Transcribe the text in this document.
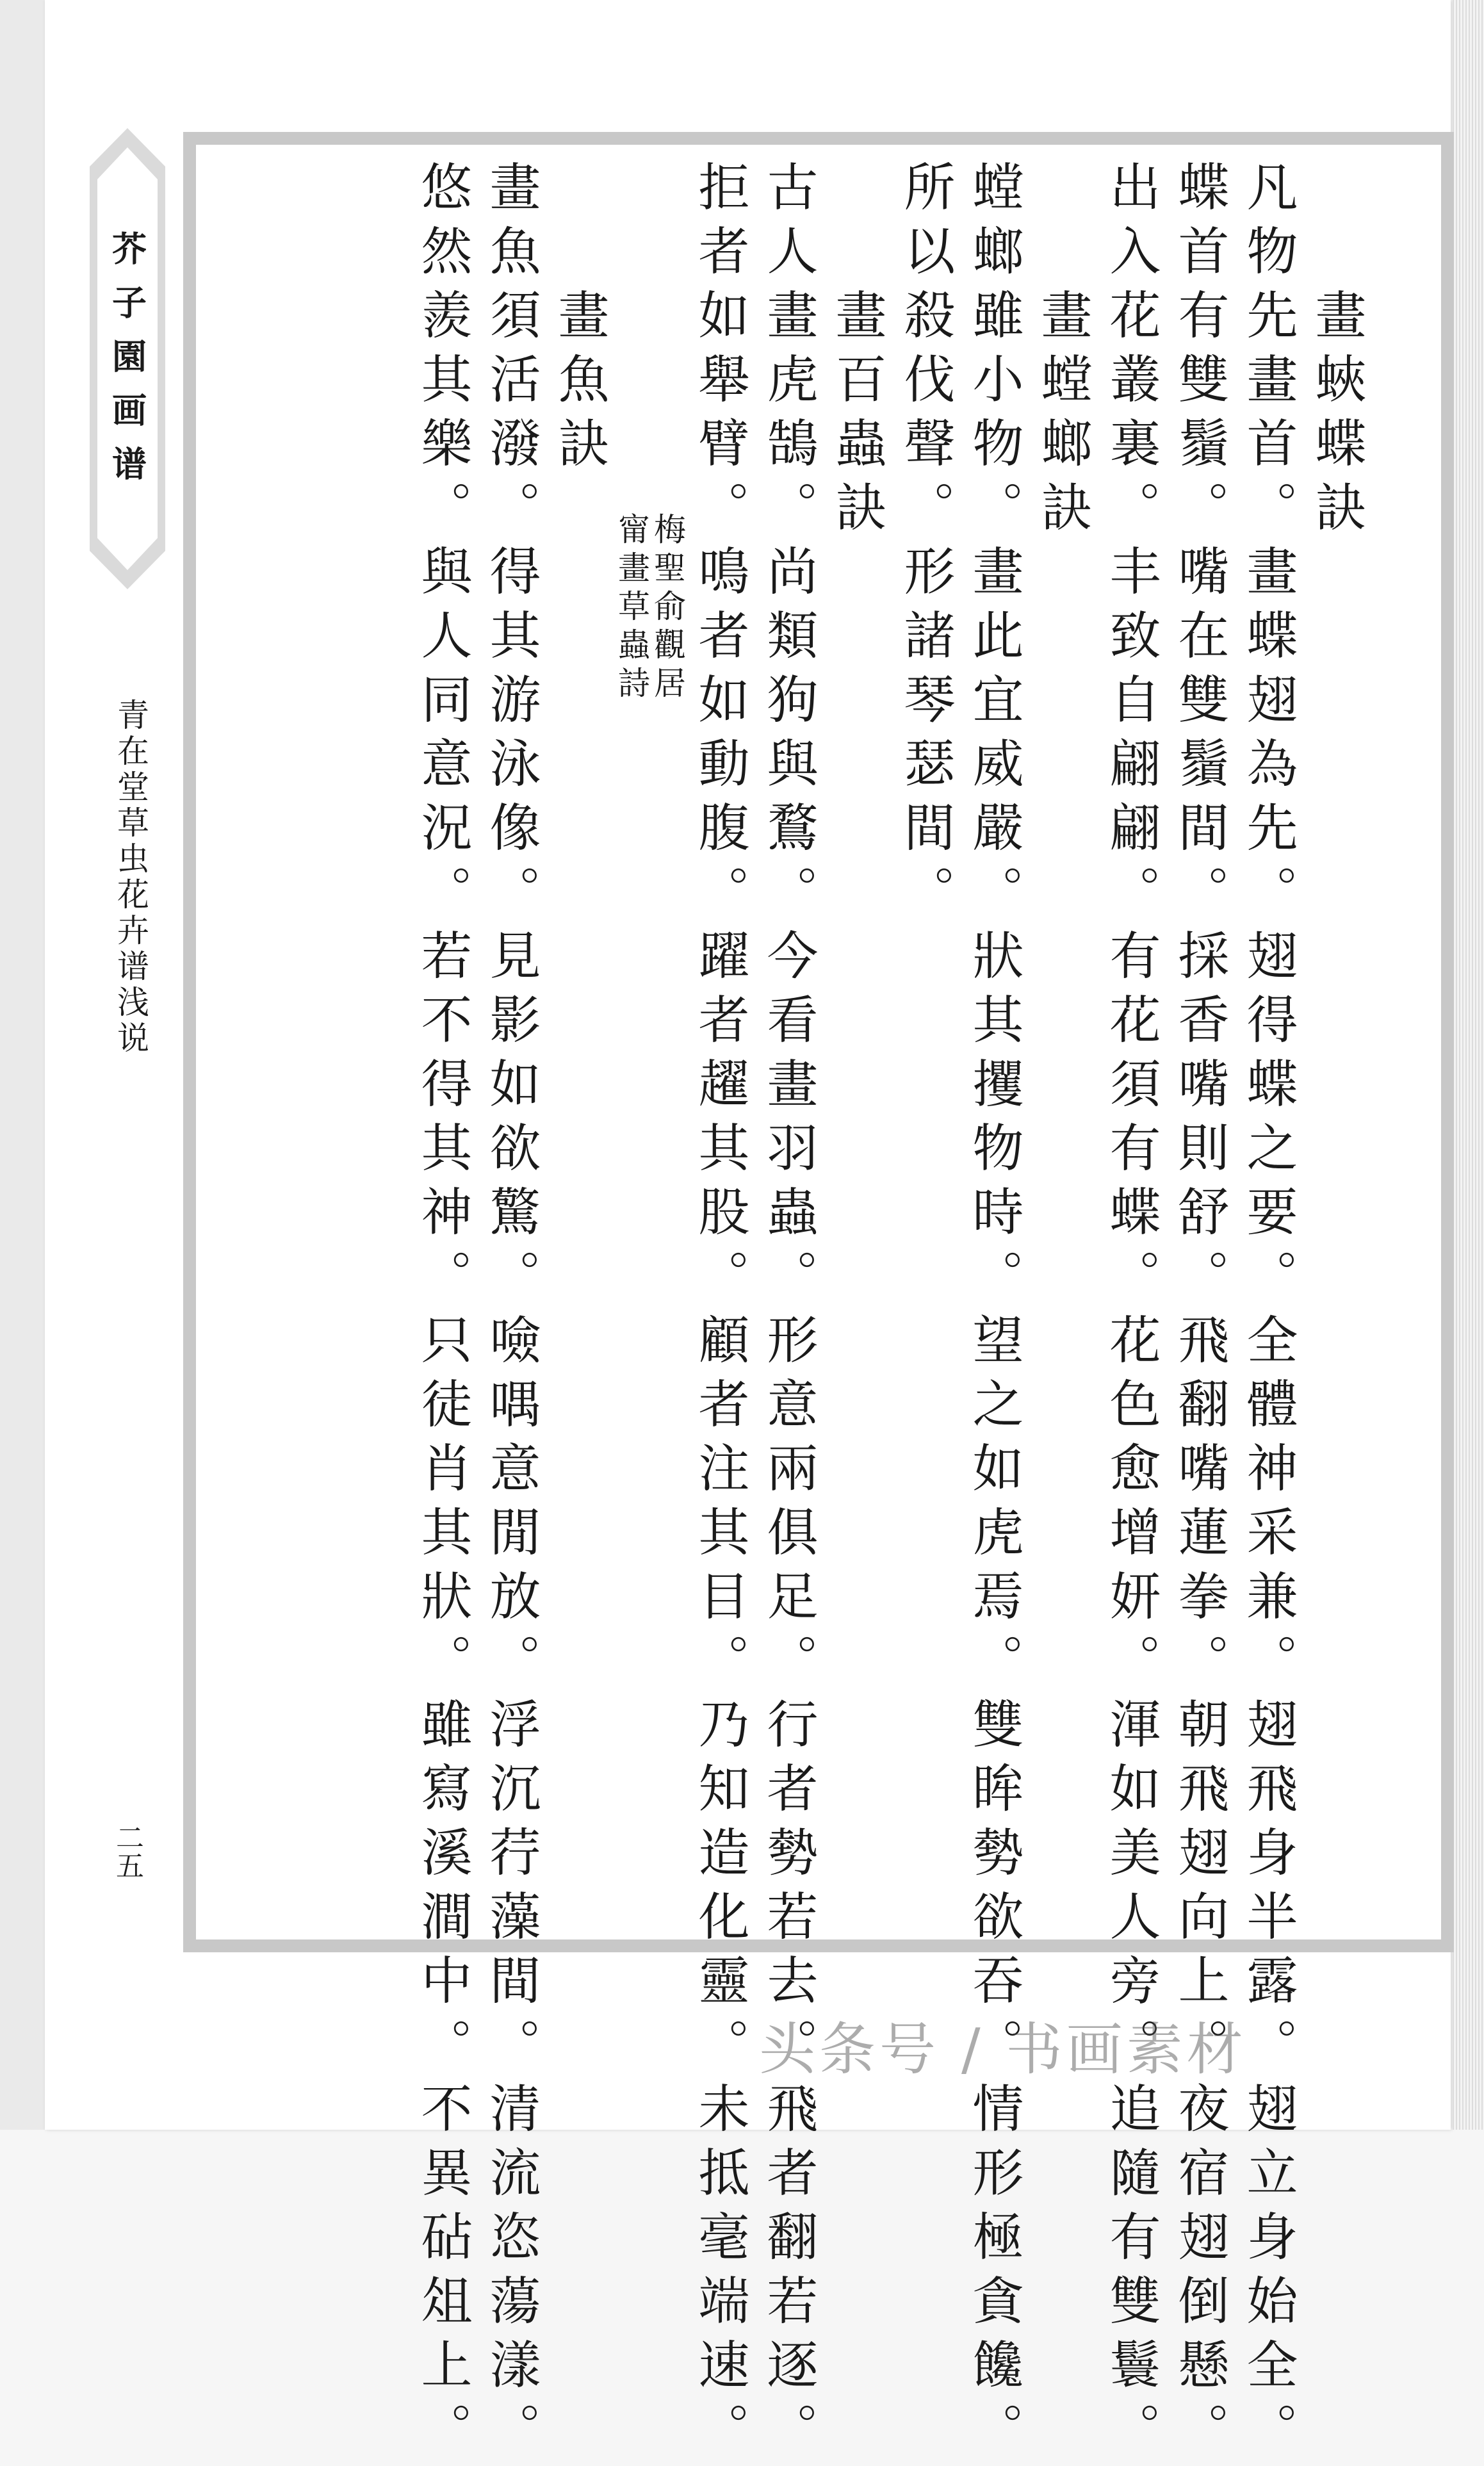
芥子園画谱
青在堂草虫花卉谱浅说
二五
畫蛺蝶訣
凡物先畫首。畫蝶翅為先。翅得蝶之要。全體神采兼。翅飛身半露。翅立身始全。
蝶首有雙鬚。嘴在雙鬚間。採香嘴則舒。飛翻嘴蓮拳。朝飛翅向上。夜宿翅倒懸。
出入花叢裏。丰致自翩翩。有花須有蝶。花色愈增妍。渾如美人旁。追隨有雙鬟。
畫螳螂訣
螳螂雖小物。畫此宜威嚴。狀其攫物時。望之如虎焉。雙眸勢欲吞。情形極貪饞。
所以殺伐聲。形諸琴瑟間。
畫百蟲訣
古人畫虎鵠。尚類狗與鶩。今看畫羽蟲。形意兩俱足。行者勢若去。飛者翻若逐。
拒者如舉臂。鳴者如動腹。躍者趯其股。顧者注其目。乃知造化靈。未抵毫端速。
梅聖俞觀居
甯畫草蟲詩
畫魚訣
畫魚須活潑。得其游泳像。見影如欲驚。噞喁意閒放。浮沉荇藻間。清流恣蕩漾。
悠然羨其樂。與人同意況。若不得其神。只徒肖其狀。雖寫溪澗中。不異砧俎上。	头条号 / 书画素材
